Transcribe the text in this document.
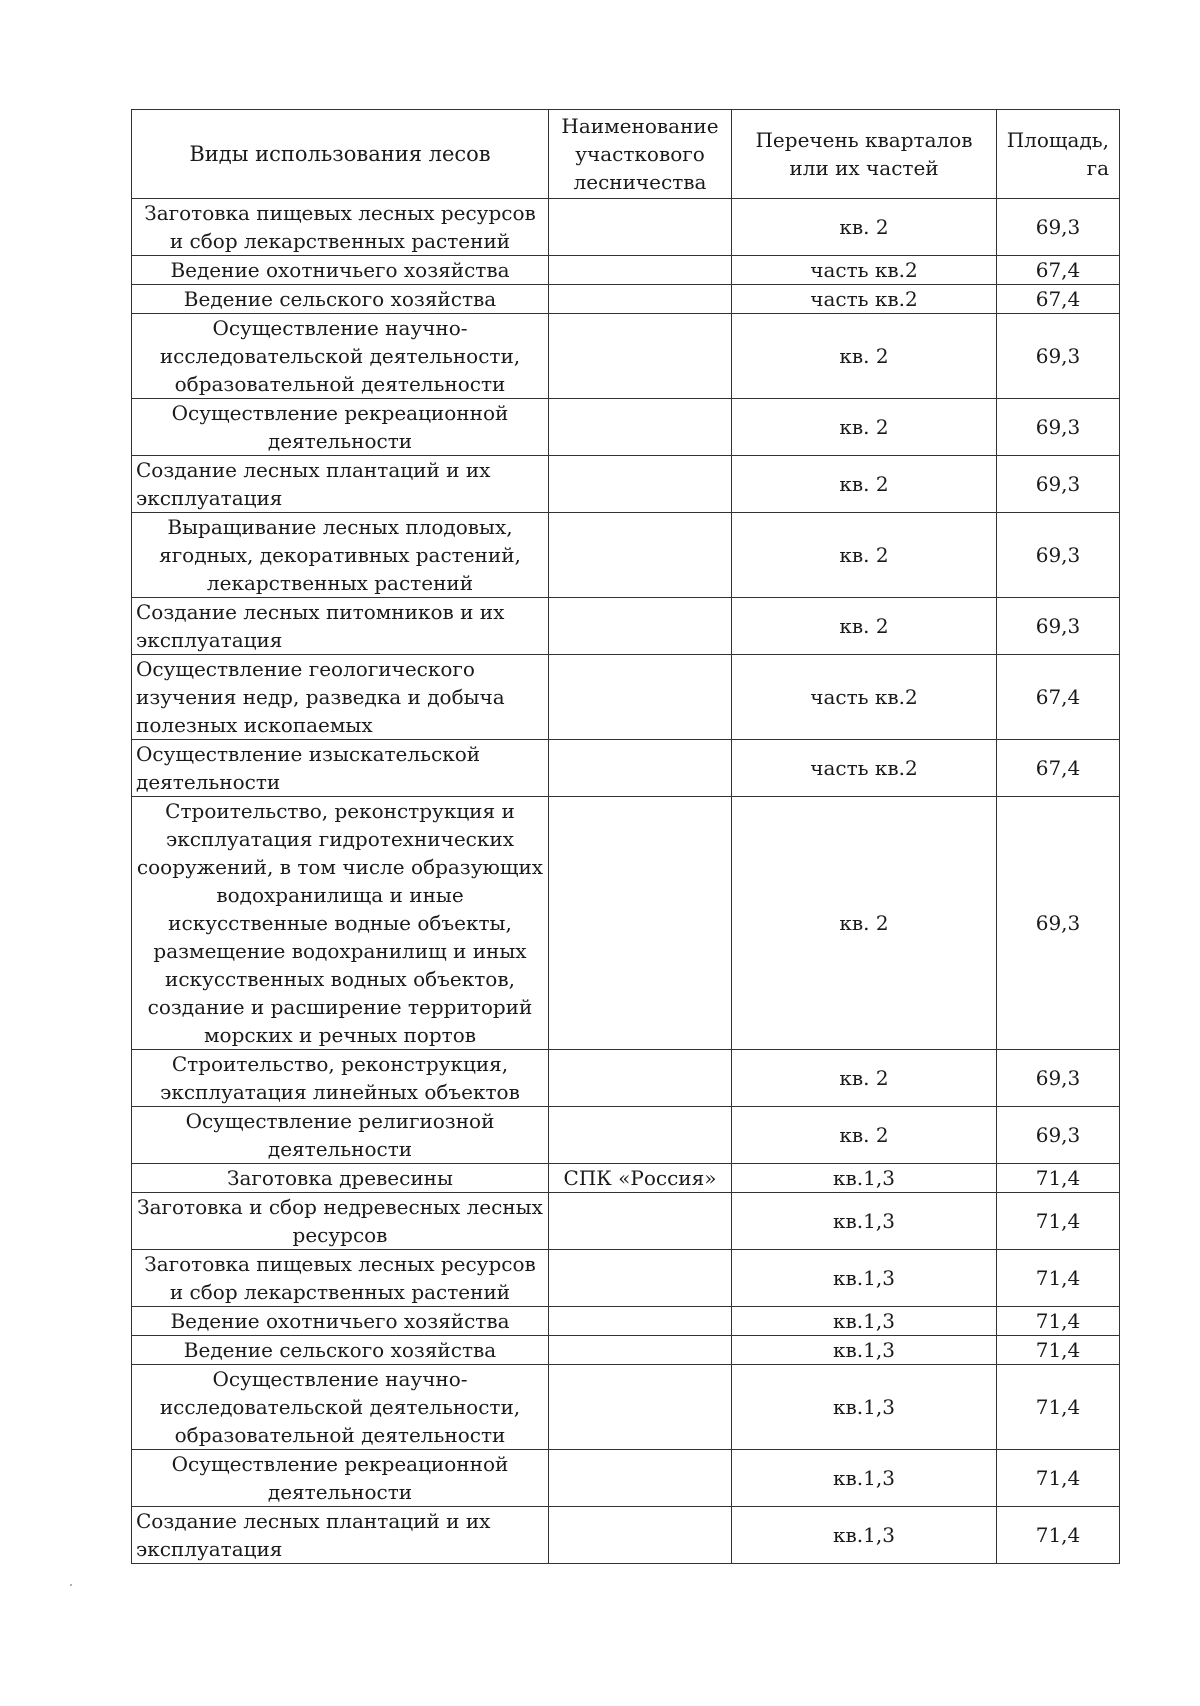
Виды использования лесов	Наименование участкового лесничества	Перечень кварталов или их частей	Площадь, га
Заготовка пищевых лесных ресурсов и сбор лекарственных растений		кв. 2	69,3
Ведение охотничьего хозяйства		часть кв.2	67,4
Ведение сельского хозяйства		часть кв.2	67,4
Осуществление научно-исследовательской деятельности, образовательной деятельности		кв. 2	69,3
Осуществление рекреационной деятельности		кв. 2	69,3
Создание лесных плантаций и их эксплуатация		кв. 2	69,3
Выращивание лесных плодовых, ягодных, декоративных растений, лекарственных растений		кв. 2	69,3
Создание лесных питомников и их эксплуатация		кв. 2	69,3
Осуществление геологического изучения недр, разведка и добыча полезных ископаемых		часть кв.2	67,4
Осуществление изыскательской деятельности		часть кв.2	67,4
Строительство, реконструкция и эксплуатация гидротехнических сооружений, в том числе образующих водохранилища и иные искусственные водные объекты, размещение водохранилищ и иных искусственных водных объектов, создание и расширение территорий морских и речных портов		кв. 2	69,3
Строительство, реконструкция, эксплуатация линейных объектов		кв. 2	69,3
Осуществление религиозной деятельности		кв. 2	69,3
Заготовка древесины	СПК «Россия»	кв.1,3	71,4
Заготовка и сбор недревесных лесных ресурсов		кв.1,3	71,4
Заготовка пищевых лесных ресурсов и сбор лекарственных растений		кв.1,3	71,4
Ведение охотничьего хозяйства		кв.1,3	71,4
Ведение сельского хозяйства		кв.1,3	71,4
Осуществление научно-исследовательской деятельности, образовательной деятельности		кв.1,3	71,4
Осуществление рекреационной деятельности		кв.1,3	71,4
Создание лесных плантаций и их эксплуатация		кв.1,3	71,4
